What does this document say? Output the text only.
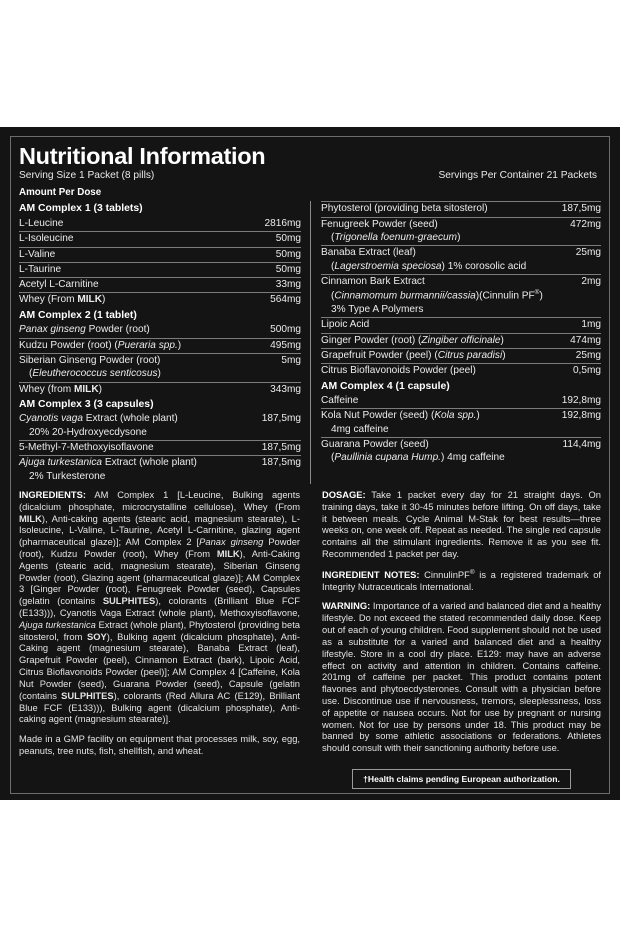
Nutritional Information
Serving Size 1 Packet (8 pills)	Servings Per Container 21 Packets
Amount Per Dose
AM Complex 1 (3 tablets)
L-Leucine	2816mg
L-Isoleucine	50mg
L-Valine	50mg
L-Taurine	50mg
Acetyl L-Carnitine	33mg
Whey (From MILK)	564mg
AM Complex 2 (1 tablet)
Panax ginseng Powder (root)	500mg
Kudzu Powder (root) (Pueraria spp.)	495mg
Siberian Ginseng Powder (root)	5mg
(Eleutherococcus senticosus)
Whey (from MILK)	343mg
AM Complex 3 (3 capsules)
Cyanotis vaga Extract (whole plant)	187,5mg
20% 20-Hydroxyecdysone
5-Methyl-7-Methoxyisoflavone	187,5mg
Ajuga turkestanica Extract (whole plant)	187,5mg
2% Turkesterone
Phytosterol (providing beta sitosterol)	187,5mg
Fenugreek Powder (seed)	472mg
(Trigonella foenum-graecum)
Banaba Extract (leaf)	25mg
(Lagerstroemia speciosa) 1% corosolic acid
Cinnamon Bark Extract	2mg
(Cinnamomum burmannii/cassia)(Cinnulin PF®)
3% Type A Polymers
Lipoic Acid	1mg
Ginger Powder (root) (Zingiber officinale)	474mg
Grapefruit Powder (peel) (Citrus paradisi)	25mg
Citrus Bioflavonoids Powder (peel)	0,5mg
AM Complex 4 (1 capsule)
Caffeine	192,8mg
Kola Nut Powder (seed) (Kola spp.)	192,8mg
4mg caffeine
Guarana Powder (seed)	114,4mg
(Paullinia cupana Hump.) 4mg caffeine

INGREDIENTS: AM Complex 1 [L-Leucine, Bulking agents (dicalcium phosphate, microcrystalline cellulose), Whey (From MILK), Anti-caking agents (stearic acid, magnesium stearate), L-Isoleucine, L-Valine, L-Taurine, Acetyl L-Carnitine, glazing agent (pharmaceutical glaze)]; AM Complex 2 [Panax ginseng Powder (root), Kudzu Powder (root), Whey (From MILK), Anti-Caking Agents (stearic acid, magnesium stearate), Siberian Ginseng Powder (root), Glazing agent (pharmaceutical glaze)]; AM Complex 3 [Ginger Powder (root), Fenugreek Powder (seed), Capsules (gelatin (contains SULPHITES), colorants (Brilliant Blue FCF (E133))), Cyanotis Vaga Extract (whole plant), Methoxyisoflavone, Ajuga turkestanica Extract (whole plant), Phytosterol (providing beta sitosterol, from SOY), Bulking agent (dicalcium phosphate), Anti-Caking agent (magnesium stearate), Banaba Extract (leaf), Grapefruit Powder (peel), Cinnamon Extract (bark), Lipoic Acid, Citrus Bioflavonoids Powder (peel)]; AM Complex 4 [Caffeine, Kola Nut Powder (seed), Guarana Powder (seed), Capsule (gelatin (contains SULPHITES), colorants (Red Allura AC (E129), Brilliant Blue FCF (E133))), Bulking agent (dicalcium phosphate), Anti-caking agent (magnesium stearate)].

Made in a GMP facility on equipment that processes milk, soy, egg, peanuts, tree nuts, fish, shellfish, and wheat.

DOSAGE: Take 1 packet every day for 21 straight days. On training days, take it 30-45 minutes before lifting. On off days, take it between meals. Cycle Animal M-Stak for best results—three weeks on, one week off. Repeat as needed. The single red capsule contains all the stimulant ingredients. Remove it as you see fit. Recommended 1 packet per day.

INGREDIENT NOTES: CinnulinPF® is a registered trademark of Integrity Nutraceuticals International.

WARNING: Importance of a varied and balanced diet and a healthy lifestyle. Do not exceed the stated recommended daily dose. Keep out of each of young children. Food supplement should not be used as a substitute for a varied and balanced diet and a healthy lifestyle. Store in a cool dry place. E129: may have an adverse effect on activity and attention in children. Contains caffeine. 201mg of caffeine per packet. This product contains potent flavones and phytoecdysterones. Consult with a physician before use. Discontinue use if nervousness, tremors, sleeplessness, loss of appetite or nausea occurs. Not for use by pregnant or nursing women. Not for use by persons under 18. This product may be banned by some athletic associations or federations. Athletes should consult with their sanctioning authority before use.

†Health claims pending European authorization.
